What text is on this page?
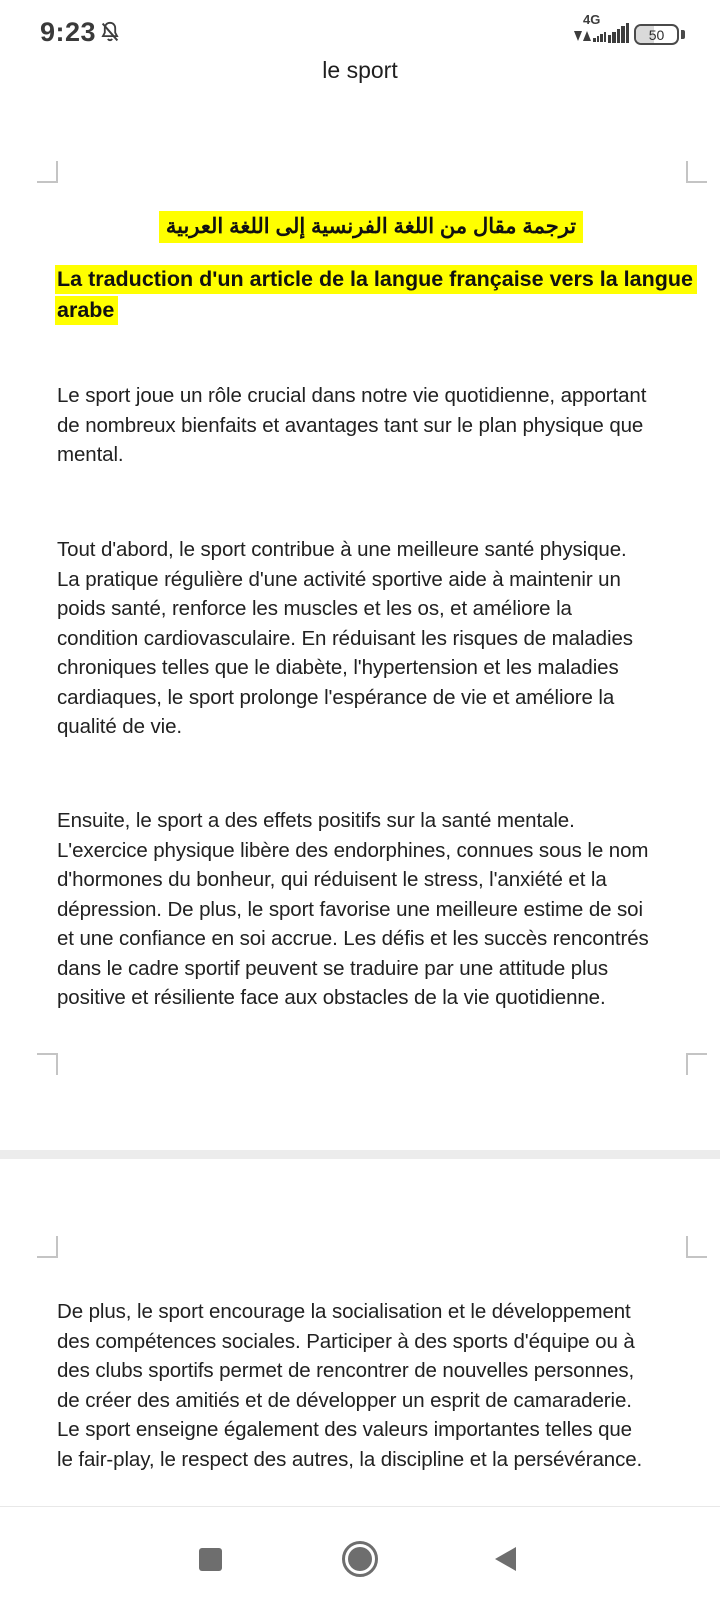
9:23	4G
50
le sport
ترجمة مقال من اللغة الفرنسية إلى اللغة العربية
La traduction d'un article de la langue française vers la langue
arabe
Le sport joue un rôle crucial dans notre vie quotidienne, apportant
de nombreux bienfaits et avantages tant sur le plan physique que
mental.
Tout d'abord, le sport contribue à une meilleure santé physique.
La pratique régulière d'une activité sportive aide à maintenir un
poids santé, renforce les muscles et les os, et améliore la
condition cardiovasculaire. En réduisant les risques de maladies
chroniques telles que le diabète, l'hypertension et les maladies
cardiaques, le sport prolonge l'espérance de vie et améliore la
qualité de vie.
Ensuite, le sport a des effets positifs sur la santé mentale.
L'exercice physique libère des endorphines, connues sous le nom
d'hormones du bonheur, qui réduisent le stress, l'anxiété et la
dépression. De plus, le sport favorise une meilleure estime de soi
et une confiance en soi accrue. Les défis et les succès rencontrés
dans le cadre sportif peuvent se traduire par une attitude plus
positive et résiliente face aux obstacles de la vie quotidienne.
De plus, le sport encourage la socialisation et le développement
des compétences sociales. Participer à des sports d'équipe ou à
des clubs sportifs permet de rencontrer de nouvelles personnes,
de créer des amitiés et de développer un esprit de camaraderie.
Le sport enseigne également des valeurs importantes telles que
le fair-play, le respect des autres, la discipline et la persévérance.
